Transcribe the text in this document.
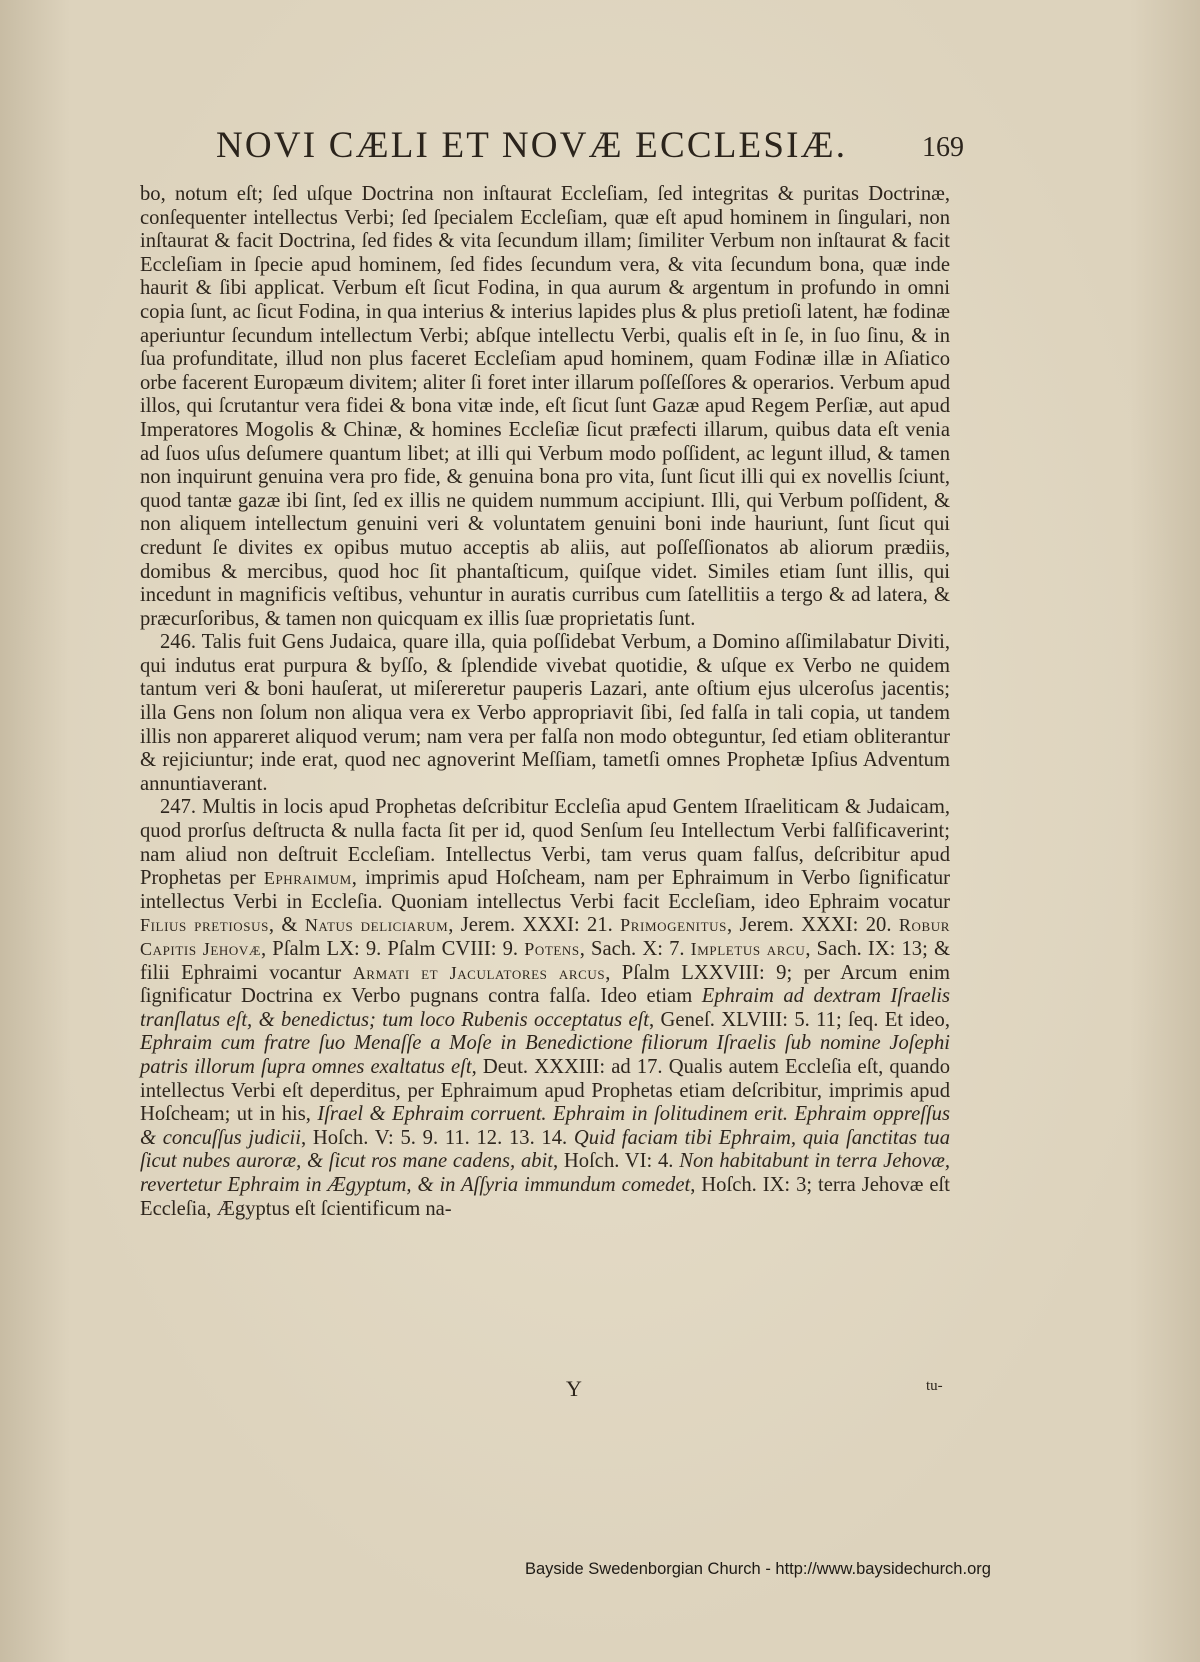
NOVI CÆLI ET NOVÆ ECCLESIÆ.	169

bo, notum eſt; ſed uſque Doctrina non inſtaurat Eccleſiam, ſed integritas & puritas Doctrinæ, conſequenter intellectus Verbi; ſed ſpecialem Eccleſiam, quæ eſt apud hominem in ſingulari, non inſtaurat & facit Doctrina, ſed fides & vita ſecundum illam; ſimiliter Verbum non inſtaurat & facit Eccleſiam in ſpecie apud hominem, ſed fides ſecundum vera, & vita ſecundum bona, quæ inde haurit & ſibi applicat. Verbum eſt ſicut Fodina, in qua aurum & argentum in profundo in omni copia ſunt, ac ſicut Fodina, in qua interius & interius lapides plus & plus pretioſi latent, hæ fodinæ aperiuntur ſecundum intellectum Verbi; abſque intellectu Verbi, qualis eſt in ſe, in ſuo ſinu, & in ſua profunditate, illud non plus faceret Eccleſiam apud hominem, quam Fodinæ illæ in Aſiatico orbe facerent Europæum divitem; aliter ſi foret inter illarum poſſeſſores & operarios. Verbum apud illos, qui ſcrutantur vera fidei & bona vitæ inde, eſt ſicut ſunt Gazæ apud Regem Perſiæ, aut apud Imperatores Mogolis & Chinæ, & homines Eccleſiæ ſicut præfecti illarum, quibus data eſt venia ad ſuos uſus deſumere quantum libet; at illi qui Verbum modo poſſident, ac legunt illud, & tamen non inquirunt genuina vera pro fide, & genuina bona pro vita, ſunt ſicut illi qui ex novellis ſciunt, quod tantæ gazæ ibi ſint, ſed ex illis ne quidem nummum accipiunt. Illi, qui Verbum poſſident, & non aliquem intellectum genuini veri & voluntatem genuini boni inde hauriunt, ſunt ſicut qui credunt ſe divites ex opibus mutuo acceptis ab aliis, aut poſſeſſionatos ab aliorum prædiis, domibus & mercibus, quod hoc ſit phantaſticum, quiſque videt. Similes etiam ſunt illis, qui incedunt in magnificis veſtibus, vehuntur in auratis curribus cum ſatellitiis a tergo & ad latera, & præcurſoribus, & tamen non quicquam ex illis ſuæ proprietatis ſunt.

246. Talis fuit Gens Judaica, quare illa, quia poſſidebat Verbum, a Domino aſſimilabatur Diviti, qui indutus erat purpura & byſſo, & ſplendide vivebat quotidie, & uſque ex Verbo ne quidem tantum veri & boni hauſerat, ut miſereretur pauperis Lazari, ante oſtium ejus ulceroſus jacentis; illa Gens non ſolum non aliqua vera ex Verbo appropriavit ſibi, ſed falſa in tali copia, ut tandem illis non appareret aliquod verum; nam vera per falſa non modo obteguntur, ſed etiam obliterantur & rejiciuntur; inde erat, quod nec agnoverint Meſſiam, tametſi omnes Prophetæ Ipſius Adventum annuntiaverant.

247. Multis in locis apud Prophetas deſcribitur Eccleſia apud Gentem Iſraeliticam & Judaicam, quod prorſus deſtructa & nulla facta ſit per id, quod Senſum ſeu Intellectum Verbi falſificaverint; nam aliud non deſtruit Eccleſiam. Intellectus Verbi, tam verus quam falſus, deſcribitur apud Prophetas per Ephraimum, imprimis apud Hoſcheam, nam per Ephraimum in Verbo ſignificatur intellectus Verbi in Eccleſia. Quoniam intellectus Verbi facit Eccleſiam, ideo Ephraim vocatur Filius pretiosus, & Natus deliciarum, Jerem. XXXI: 21. Primogenitus, Jerem. XXXI: 20. Robur Capitis Jehovæ, Pſalm LX: 9. Pſalm CVIII: 9. Potens, Sach. X: 7. Impletus arcu, Sach. IX: 13; & filii Ephraimi vocantur Armati et Jaculatores arcus, Pſalm LXXVIII: 9; per Arcum enim ſignificatur Doctrina ex Verbo pugnans contra falſa. Ideo etiam Ephraim ad dextram Iſraelis tranſlatus eſt, & benedictus; tum loco Rubenis occeptatus eſt, Geneſ. XLVIII: 5. 11; ſeq. Et ideo, Ephraim cum fratre ſuo Menaſſe a Moſe in Benedictione filiorum Iſraelis ſub nomine Joſephi patris illorum ſupra omnes exaltatus eſt, Deut. XXXIII: ad 17. Qualis autem Eccleſia eſt, quando intellectus Verbi eſt deperditus, per Ephraimum apud Prophetas etiam deſcribitur, imprimis apud Hoſcheam; ut in his, Iſrael & Ephraim corruent. Ephraim in ſolitudinem erit. Ephraim oppreſſus & concuſſus judicii, Hoſch. V: 5. 9. 11. 12. 13. 14. Quid faciam tibi Ephraim, quia ſanctitas tua ſicut nubes auroræ, & ſicut ros mane cadens, abit, Hoſch. VI: 4. Non habitabunt in terra Jehovæ, revertetur Ephraim in Ægyptum, & in Aſſyria immundum comedet, Hoſch. IX: 3; terra Jehovæ eſt Eccleſia, Ægyptus eſt ſcientificum na-

Y	tu-
Bayside Swedenborgian Church - http://www.baysidechurch.org
